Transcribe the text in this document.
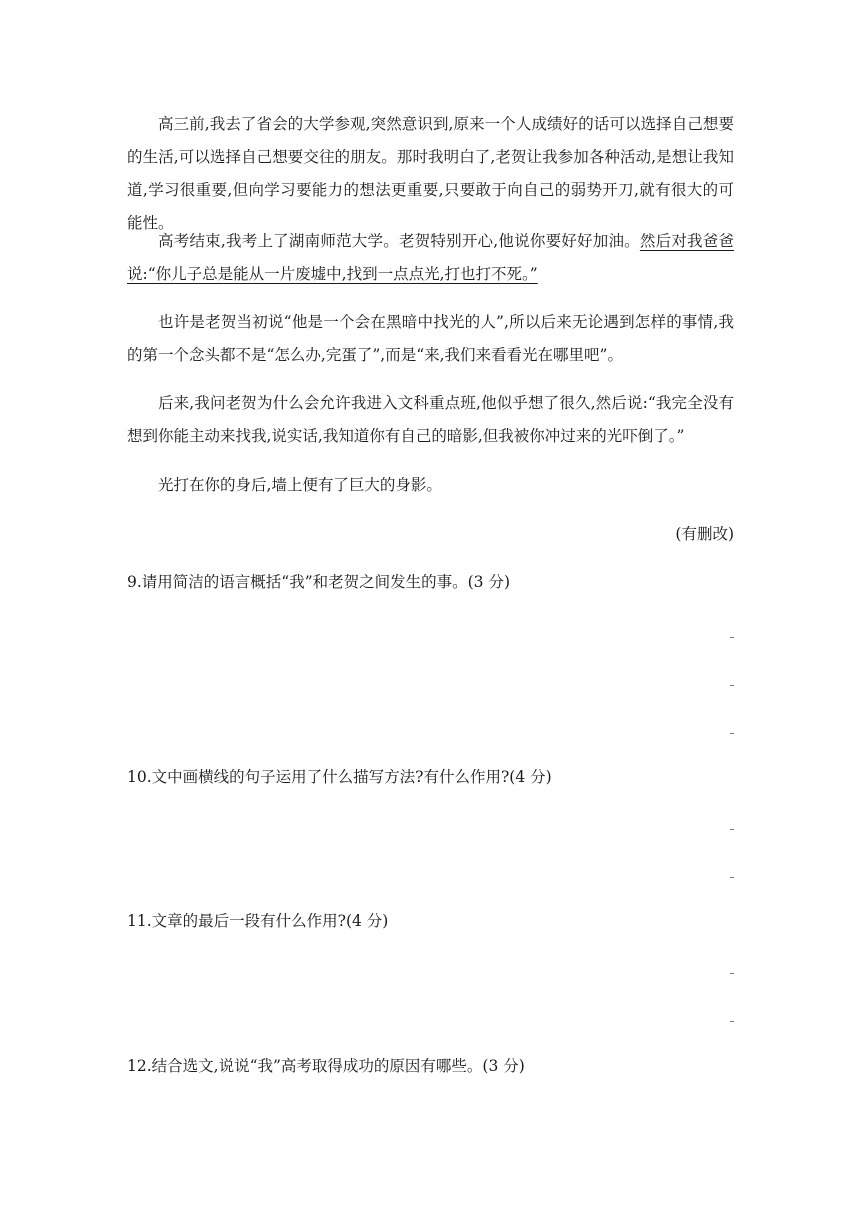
高三前,我去了省会的大学参观,突然意识到,原来一个人成绩好的话可以选择自己想要的生活,可以选择自己想要交往的朋友。那时我明白了,老贺让我参加各种活动,是想让我知道,学习很重要,但向学习要能力的想法更重要,只要敢于向自己的弱势开刀,就有很大的可能性。

高考结束,我考上了湖南师范大学。老贺特别开心,他说你要好好加油。然后对我爸爸说:“你儿子总是能从一片废墟中,找到一点点光,打也打不死。”

也许是老贺当初说“他是一个会在黑暗中找光的人”,所以后来无论遇到怎样的事情,我的第一个念头都不是“怎么办,完蛋了”,而是“来,我们来看看光在哪里吧”。

后来,我问老贺为什么会允许我进入文科重点班,他似乎想了很久,然后说:“我完全没有想到你能主动来找我,说实话,我知道你有自己的暗影,但我被你冲过来的光吓倒了。”

光打在你的身后,墙上便有了巨大的身影。

(有删改)

9.请用简洁的语言概括“我”和老贺之间发生的事。(3 分)

10.文中画横线的句子运用了什么描写方法?有什么作用?(4 分)

11.文章的最后一段有什么作用?(4 分)

12.结合选文,说说“我”高考取得成功的原因有哪些。(3 分)
